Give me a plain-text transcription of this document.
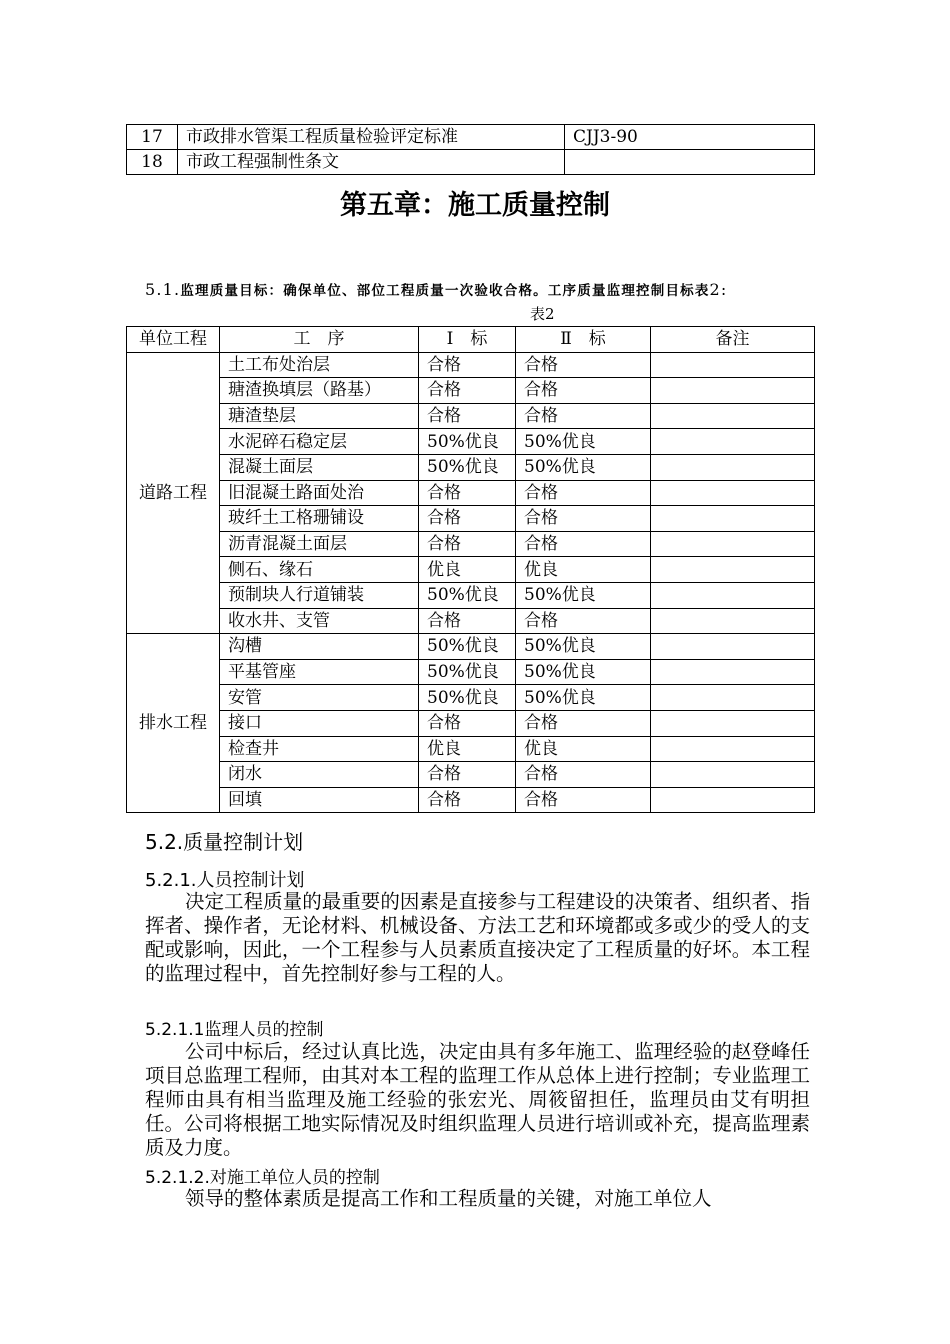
17	市政排水管渠工程质量检验评定标准	CJJ3-90
18	市政工程强制性条文	
第五章：施工质量控制
5.1.监理质量目标：确保单位、部位工程质量一次验收合格。工序质量监理控制目标表2:
表2
单位工程	工　序	Ⅰ　标	Ⅱ　标	备注
道路工程	土工布处治层	合格	合格	
	瑭渣换填层（路基）	合格	合格	
	瑭渣垫层	合格	合格	
	水泥碎石稳定层	50%优良	50%优良	
	混凝土面层	50%优良	50%优良	
	旧混凝土路面处治	合格	合格	
	玻纤土工格珊铺设	合格	合格	
	沥青混凝土面层	合格	合格	
	侧石、缘石	优良	优良	
	预制块人行道铺装	50%优良	50%优良	
	收水井、支管	合格	合格	
排水工程	沟槽	50%优良	50%优良	
	平基管座	50%优良	50%优良	
	安管	50%优良	50%优良	
	接口	合格	合格	
	检查井	优良	优良	
	闭水	合格	合格	
	回填	合格	合格	
5.2.质量控制计划
5.2.1.人员控制计划
决定工程质量的最重要的因素是直接参与工程建设的决策者、组织者、指挥者、操作者，无论材料、机械设备、方法工艺和环境都或多或少的受人的支配或影响，因此，一个工程参与人员素质直接决定了工程质量的好坏。本工程的监理过程中，首先控制好参与工程的人。
5.2.1.1监理人员的控制
公司中标后，经过认真比选，决定由具有多年施工、监理经验的赵登峰任项目总监理工程师，由其对本工程的监理工作从总体上进行控制；专业监理工程师由具有相当监理及施工经验的张宏光、周筱留担任，监理员由艾有明担任。公司将根据工地实际情况及时组织监理人员进行培训或补充，提高监理素质及力度。
5.2.1.2.对施工单位人员的控制
领导的整体素质是提高工作和工程质量的关键，对施工单位人
